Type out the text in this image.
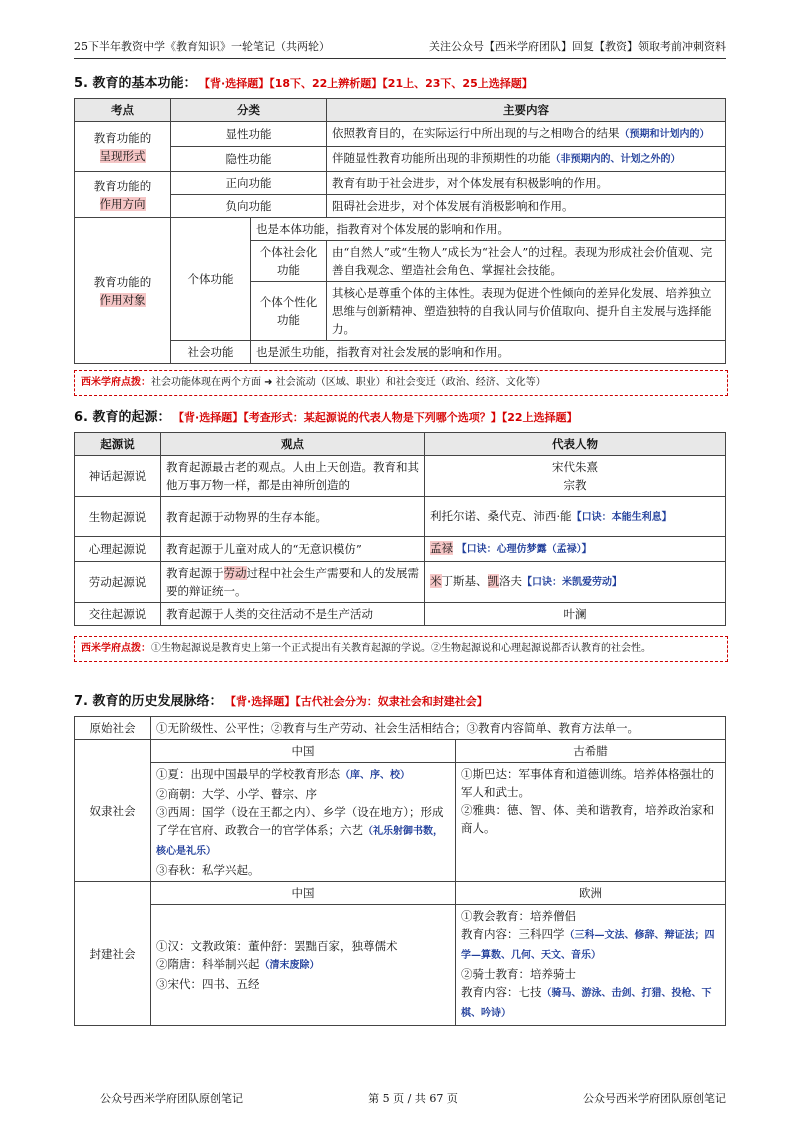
25下半年教资中学《教育知识》一轮笔记（共两轮）	关注公众号【西米学府团队】回复【教资】领取考前冲刺资料
5. 教育的基本功能： 【背·选择题】【18下、22上辨析题】【21上、23下、25上选择题】
考点	分类		主要内容
教育功能的
呈现形式	显性功能		依照教育目的，在实际运行中所出现的与之相吻合的结果（预期和计划内的）
	隐性功能		伴随显性教育功能所出现的非预期性的功能（非预期内的、计划之外的）
教育功能的
作用方向	正向功能		教育有助于社会进步，对个体发展有积极影响的作用。
	负向功能		阻碍社会进步，对个体发展有消极影响和作用。
教育功能的
作用对象	个体功能	也是本体功能，指教育对个体发展的影响和作用。	
		个体社会化功能	由“自然人”或“生物人”成长为“社会人”的过程。表现为形成社会价值观、完善自我观念、塑造社会角色、掌握社会技能。
		个体个性化功能	其核心是尊重个体的主体性。表现为促进个性倾向的差异化发展、培养独立思维与创新精神、塑造独特的自我认同与价值取向、提升自主发展与选择能力。
	社会功能	也是派生功能，指教育对社会发展的影响和作用。	
西米学府点拨：社会功能体现在两个方面 ➜ 社会流动（区域、职业）和社会变迁（政治、经济、文化等）
6. 教育的起源： 【背·选择题】【考查形式：某起源说的代表人物是下列哪个选项？】【22上选择题】
起源说	观点	代表人物
神话起源说	教育起源最古老的观点。人由上天创造。教育和其他万事万物一样，都是由神所创造的	宋代朱熹
宗教
生物起源说	教育起源于动物界的生存本能。	利托尔诺、桑代克、沛西·能【口诀：本能生利息】
心理起源说	教育起源于儿童对成人的“无意识模仿”	孟禄 【口诀：心理仿梦露（孟禄）】
劳动起源说	教育起源于劳动过程中社会生产需要和人的发展需要的辩证统一。	米丁斯基、凯洛夫【口诀：米凯爱劳动】
交往起源说	教育起源于人类的交往活动不是生产活动	叶澜
西米学府点拨：①生物起源说是教育史上第一个正式提出有关教育起源的学说。②生物起源说和心理起源说都否认教育的社会性。
7. 教育的历史发展脉络： 【背·选择题】【古代社会分为：奴隶社会和封建社会】
原始社会	①无阶级性、公平性；②教育与生产劳动、社会生活相结合；③教育内容简单、教育方法单一。	
奴隶社会	中国	古希腊
	①夏：出现中国最早的学校教育形态（庠、序、校）
②商朝：大学、小学、瞽宗、序
③西周：国学（设在王都之内）、乡学（设在地方）；形成了学在官府、政教合一的官学体系；六艺（礼乐射御书数，核心是礼乐）
③春秋：私学兴起。	①斯巴达：军事体育和道德训练。培养体格强壮的军人和武士。
②雅典：德、智、体、美和谐教育，培养政治家和商人。
封建社会	中国	欧洲
	①汉：文教政策：董仲舒：罢黜百家，独尊儒术
②隋唐：科举制兴起（清末废除）
③宋代：四书、五经	①教会教育：培养僧侣
教育内容：三科四学（三科—文法、修辞、辩证法；四学—算数、几何、天文、音乐）
②骑士教育：培养骑士
教育内容：七技（骑马、游泳、击剑、打猎、投枪、下棋、吟诗）
公众号西米学府团队原创笔记	第 5 页 / 共 67 页	公众号西米学府团队原创笔记
